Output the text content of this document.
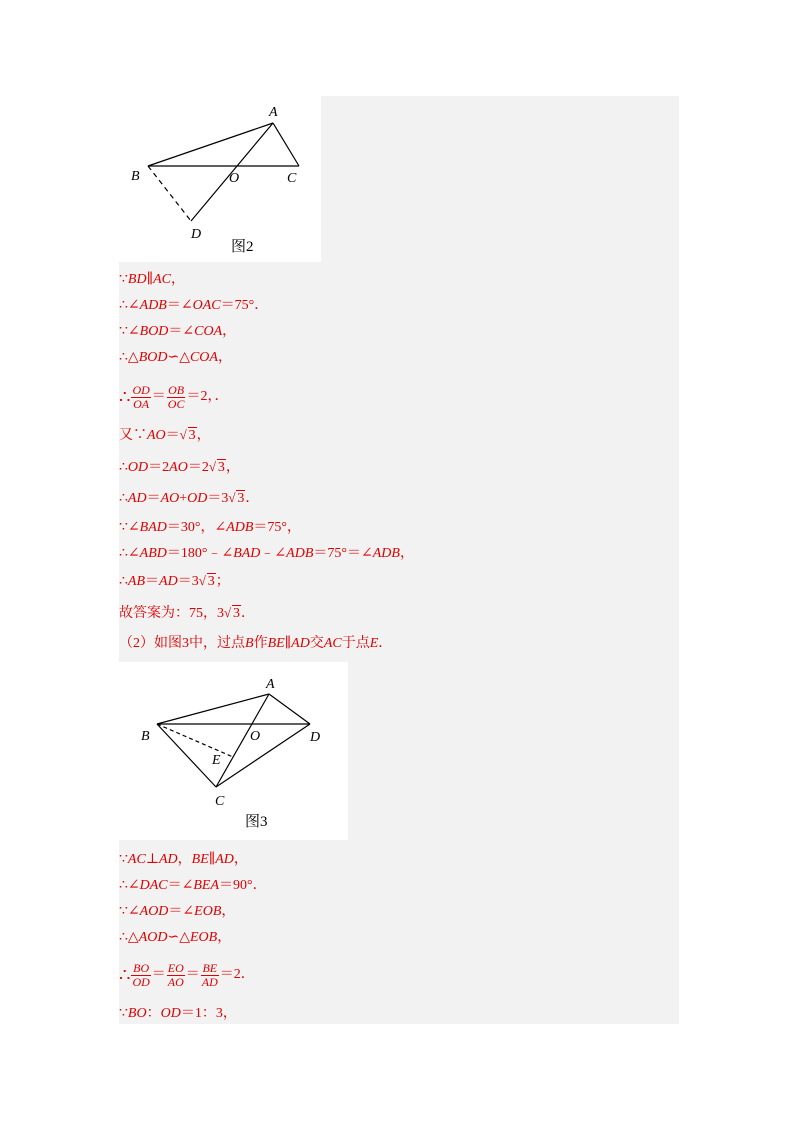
A
B	O	C
D
图2
∵BD∥AC，
∴∠ADB＝∠OAC＝75°．
∵∠BOD＝∠COA，
∴△BOD∽△COA，
∴ $\frac{OD}{OA} = \frac{OB}{OC} =2$，．
又∵AO＝ √ 3，
∴OD＝2AO＝2 √ 3，
∴AD＝AO+OD＝3 √ 3．
∵∠BAD＝30°，∠ADB＝75°，
∴∠ABD＝180°﹣∠BAD﹣∠ADB＝75°＝∠ADB，
∴AB＝AD＝3 √ 3；
故答案为：75，3 √ 3．
（2）如图3中，过点B作BE∥AD交AC于点E．
A
B	O	D
E
C
图3
∵AC⊥AD，BE∥AD，
∴∠DAC＝∠BEA＝90°．
∵∠AOD＝∠EOB，
∴△AOD∽△EOB，
∴ $\frac{BO}{OD} = \frac{EO}{AO} = \frac{BE}{AD} =2$．
∵BO：OD＝1：3，
